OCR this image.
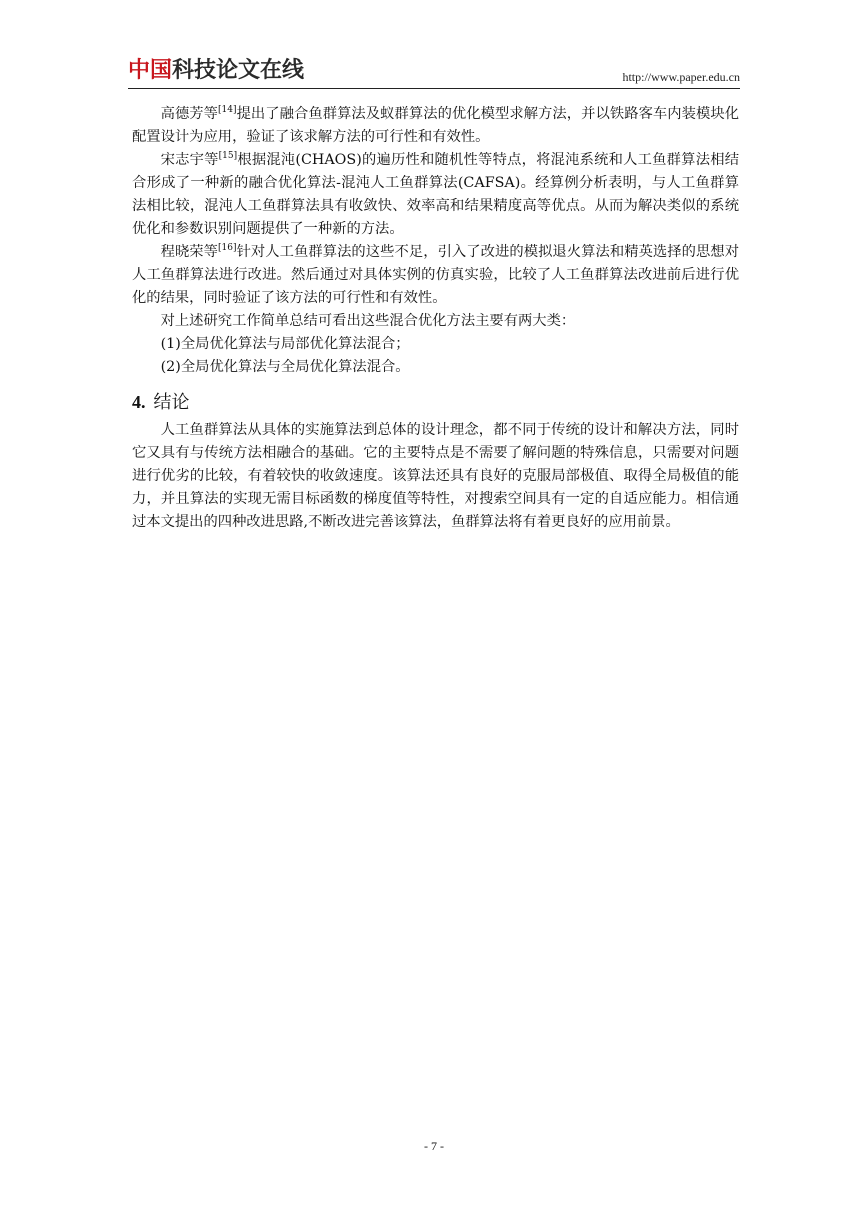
中国科技论文在线	http://www.paper.edu.cn

高德芳等[14]提出了融合鱼群算法及蚁群算法的优化模型求解方法，并以铁路客车内装模块化配置设计为应用，验证了该求解方法的可行性和有效性。

宋志宇等[15]根据混沌(CHAOS)的遍历性和随机性等特点，将混沌系统和人工鱼群算法相结合形成了一种新的融合优化算法-混沌人工鱼群算法(CAFSA)。经算例分析表明，与人工鱼群算法相比较，混沌人工鱼群算法具有收敛快、效率高和结果精度高等优点。从而为解决类似的系统优化和参数识别问题提供了一种新的方法。

程晓荣等[16]针对人工鱼群算法的这些不足，引入了改进的模拟退火算法和精英选择的思想对人工鱼群算法进行改进。然后通过对具体实例的仿真实验，比较了人工鱼群算法改进前后进行优化的结果，同时验证了该方法的可行性和有效性。

对上述研究工作简单总结可看出这些混合优化方法主要有两大类：

(1)全局优化算法与局部优化算法混合；

(2)全局优化算法与全局优化算法混合。

4. 结论

人工鱼群算法从具体的实施算法到总体的设计理念，都不同于传统的设计和解决方法，同时它又具有与传统方法相融合的基础。它的主要特点是不需要了解问题的特殊信息，只需要对问题进行优劣的比较，有着较快的收敛速度。该算法还具有良好的克服局部极值、取得全局极值的能力，并且算法的实现无需目标函数的梯度值等特性，对搜索空间具有一定的自适应能力。相信通过本文提出的四种改进思路,不断改进完善该算法，鱼群算法将有着更良好的应用前景。

- 7 -
